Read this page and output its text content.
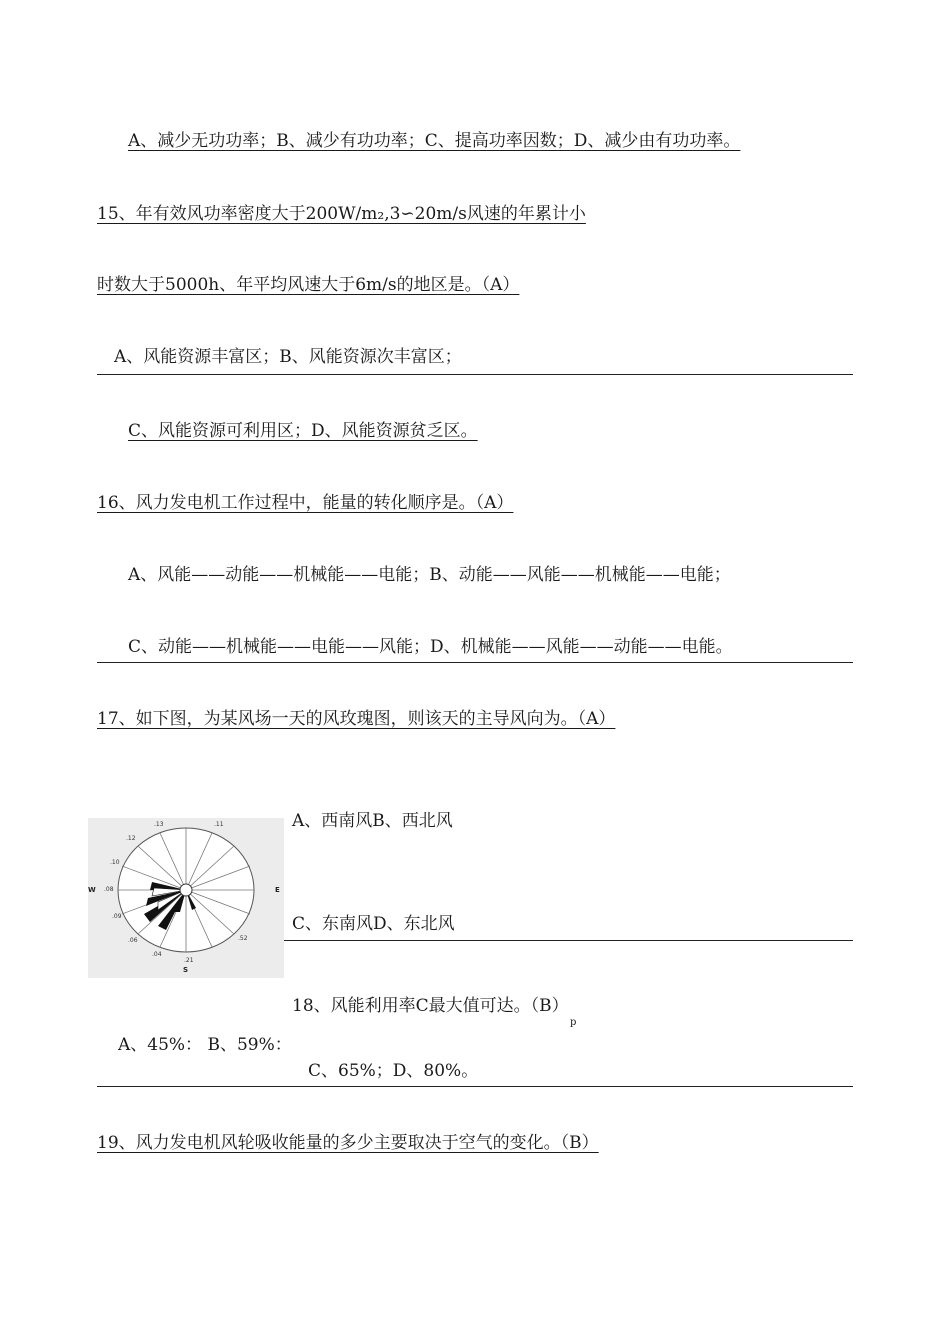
A、减少无功功率；B、减少有功功率；C、提高功率因数；D、减少由有功功率。
15、年有效风功率密度大于200W/m₂,3∽20m/s风速的年累计小
时数大于5000h、年平均风速大于6m/s的地区是。（A）
A、风能资源丰富区；B、风能资源次丰富区；
C、风能资源可利用区；D、风能资源贫乏区。
16、风力发电机工作过程中，能量的转化顺序是。（A）
A、风能——动能——机械能——电能；B、动能——风能——机械能——电能；
C、动能——机械能——电能——风能；D、机械能——风能——动能——电能。
17、如下图，为某风场一天的风玫瑰图，则该天的主导风向为。（A）
.13	.11
.12
.10
.08
.09
.06
.04
.21
.52
W	E
S
A、西南风B、西北风
C、东南风D、东北风
18、风能利用率C最大值可达。（B）
p
A、45%： B、59%：
C、65%；D、80%。
19、风力发电机风轮吸收能量的多少主要取决于空气的变化。（B）
